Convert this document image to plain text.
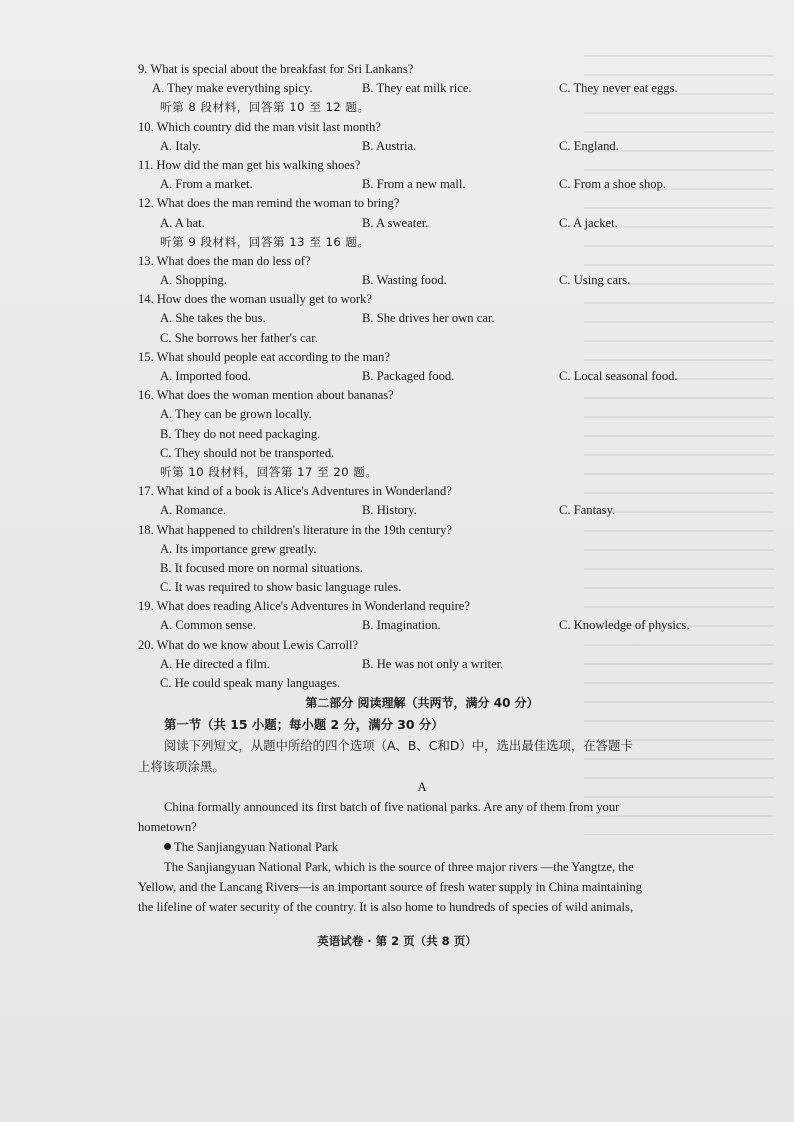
9. What is special about the breakfast for Sri Lankans?
A. They make everything spicy.	B. They eat milk rice.	C. They never eat eggs.
听第 8 段材料，回答第 10 至 12 题。
10. Which country did the man visit last month?
A. Italy.	B. Austria.	C. England.
11. How did the man get his walking shoes?
A. From a market.	B. From a new mall.	C. From a shoe shop.
12. What does the man remind the woman to bring?
A. A hat.	B. A sweater.	C. A jacket.
听第 9 段材料，回答第 13 至 16 题。
13. What does the man do less of?
A. Shopping.	B. Wasting food.	C. Using cars.
14. How does the woman usually get to work?
A. She takes the bus.	B. She drives her own car.
C. She borrows her father's car.
15. What should people eat according to the man?
A. Imported food.	B. Packaged food.	C. Local seasonal food.
16. What does the woman mention about bananas?
A. They can be grown locally.
B. They do not need packaging.
C. They should not be transported.
听第 10 段材料，回答第 17 至 20 题。
17. What kind of a book is Alice's Adventures in Wonderland?
A. Romance.	B. History.	C. Fantasy.
18. What happened to children's literature in the 19th century?
A. Its importance grew greatly.
B. It focused more on normal situations.
C. It was required to show basic language rules.
19. What does reading Alice's Adventures in Wonderland require?
A. Common sense.	B. Imagination.	C. Knowledge of physics.
20. What do we know about Lewis Carroll?
A. He directed a film.	B. He was not only a writer.
C. He could speak many languages.
第二部分 阅读理解（共两节，满分 40 分）
第一节（共 15 小题；每小题 2 分，满分 30 分）
阅读下列短文，从题中所给的四个选项（A、B、C和D）中，选出最佳选项，在答题卡
上将该项涂黑。
A
China formally announced its first batch of five national parks. Are any of them from your
hometown?
The Sanjiangyuan National Park
The Sanjiangyuan National Park, which is the source of three major rivers —the Yangtze, the
Yellow, and the Lancang Rivers—is an important source of fresh water supply in China maintaining
the lifeline of water security of the country. It is also home to hundreds of species of wild animals,
英语试卷 · 第 2 页（共 8 页）
